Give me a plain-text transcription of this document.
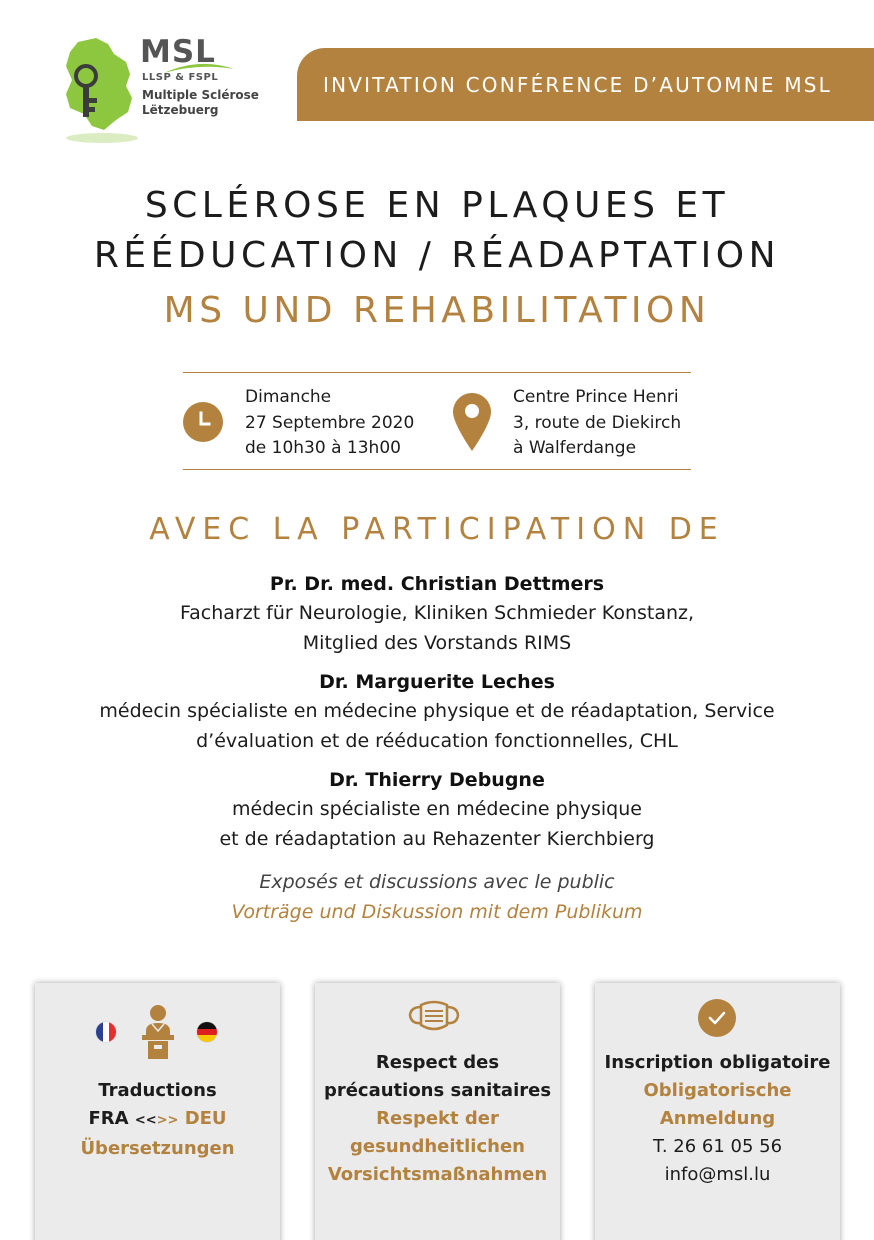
MSL
LLSP & FSPL
Multiple Sclérose
Lëtzebuerg
INVITATION CONFÉRENCE D’AUTOMNE MSL
SCLÉROSE EN PLAQUES ET
RÉÉDUCATION / RÉADAPTATION
MS UND REHABILITATION
Dimanche
27 Septembre 2020
de 10h30 à 13h00
Centre Prince Henri
3, route de Diekirch
à Walferdange
AVEC LA PARTICIPATION DE
Pr. Dr. med. Christian Dettmers
Facharzt für Neurologie, Kliniken Schmieder Konstanz,
Mitglied des Vorstands RIMS
Dr. Marguerite Leches
médecin spécialiste en médecine physique et de réadaptation, Service
d’évaluation et de rééducation fonctionnelles, CHL
Dr. Thierry Debugne
médecin spécialiste en médecine physique
et de réadaptation au Rehazenter Kierchbierg
Exposés et discussions avec le public
Vorträge und Diskussion mit dem Publikum
Traductions
FRA <<>> DEU
Übersetzungen
Respect des
précautions sanitaires
Respekt der
gesundheitlichen
Vorsichtsmaßnahmen
Inscription obligatoire
Obligatorische
Anmeldung
T. 26 61 05 56
info@msl.lu
